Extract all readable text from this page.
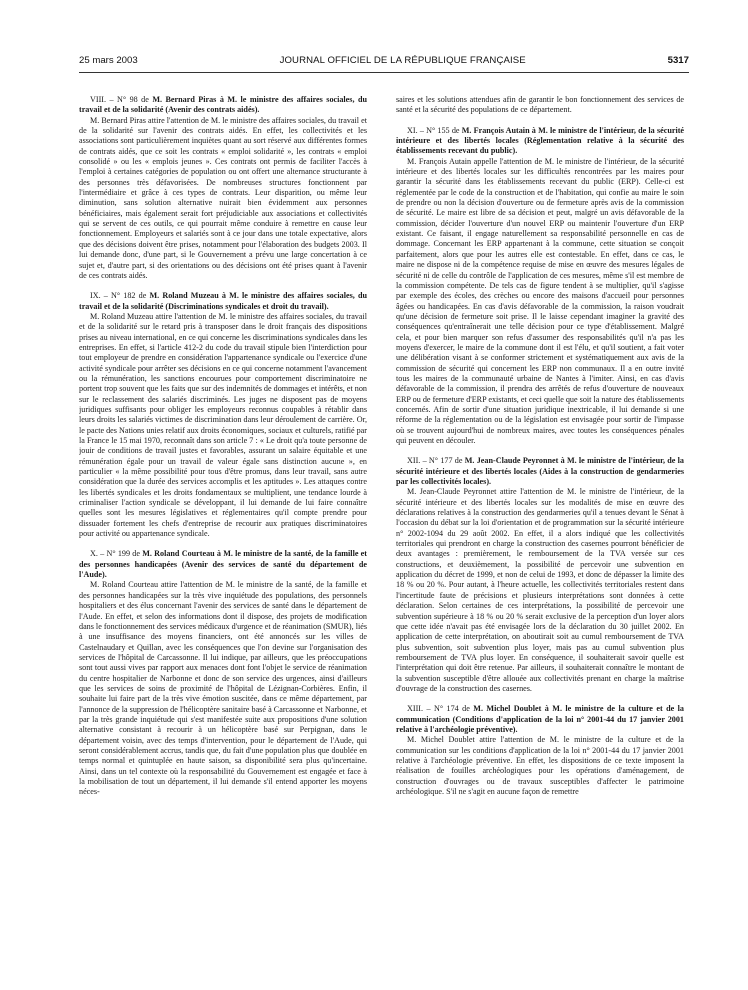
25 mars 2003	JOURNAL OFFICIEL DE LA RÉPUBLIQUE FRANÇAISE	5317

VIII. – N° 98 de M. Bernard Piras à M. le ministre des affaires sociales, du travail et de la solidarité (Avenir des contrats aidés).

M. Bernard Piras attire l'attention de M. le ministre des affaires sociales, du travail et de la solidarité sur l'avenir des contrats aidés. En effet, les collectivités et les associations sont particulièrement inquiètes quant au sort réservé aux différentes formes de contrats aidés, que ce soit les contrats « emploi solidarité », les contrats « emploi consolidé » ou les « emplois jeunes ». Ces contrats ont permis de faciliter l'accès à l'emploi à certaines catégories de population ou ont offert une alternance structurante à des personnes très défavorisées. De nombreuses structures fonctionnent par l'intermédiaire et grâce à ces types de contrats. Leur disparition, ou même leur diminution, sans solution alternative nuirait bien évidemment aux personnes bénéficiaires, mais également serait fort préjudiciable aux associations et collectivités qui se servent de ces outils, ce qui pourrait même conduire à remettre en cause leur fonctionnement. Employeurs et salariés sont à ce jour dans une totale expectative, alors que des décisions doivent être prises, notamment pour l'élaboration des budgets 2003. Il lui demande donc, d'une part, si le Gouvernement a prévu une large concertation à ce sujet et, d'autre part, si des orientations ou des décisions ont été prises quant à l'avenir de ces contrats aidés.

IX. – N° 182 de M. Roland Muzeau à M. le ministre des affaires sociales, du travail et de la solidarité (Discriminations syndicales et droit du travail).

M. Roland Muzeau attire l'attention de M. le ministre des affaires sociales, du travail et de la solidarité sur le retard pris à transposer dans le droit français des dispositions prises au niveau international, en ce qui concerne les discriminations syndicales dans les entreprises. En effet, si l'article 412-2 du code du travail stipule bien l'interdiction pour tout employeur de prendre en considération l'appartenance syndicale ou l'exercice d'une activité syndicale pour arrêter ses décisions en ce qui concerne notamment l'avancement ou la rémunération, les sanctions encourues pour comportement discriminatoire ne portent trop souvent que les faits que sur des indemnités de dommages et intérêts, et non sur le reclassement des salariés discriminés. Les juges ne disposent pas de moyens juridiques suffisants pour obliger les employeurs reconnus coupables à rétablir dans leurs droits les salariés victimes de discrimination dans leur déroulement de carrière. Or, le pacte des Nations unies relatif aux droits économiques, sociaux et culturels, ratifié par la France le 15 mai 1970, reconnaît dans son article 7 : « Le droit qu'a toute personne de jouir de conditions de travail justes et favorables, assurant un salaire équitable et une rémunération égale pour un travail de valeur égale sans distinction aucune », en particulier « la même possibilité pour tous d'être promus, dans leur travail, sans autre considération que la durée des services accomplis et les aptitudes ». Les attaques contre les libertés syndicales et les droits fondamentaux se multiplient, une tendance lourde à criminaliser l'action syndicale se développant, il lui demande de lui faire connaître quelles sont les mesures législatives et réglementaires qu'il compte prendre pour dissuader fortement les chefs d'entreprise de recourir aux pratiques discriminatoires pour activité ou appartenance syndicale.

X. – N° 199 de M. Roland Courteau à M. le ministre de la santé, de la famille et des personnes handicapées (Avenir des services de santé du département de l'Aude).

M. Roland Courteau attire l'attention de M. le ministre de la santé, de la famille et des personnes handicapées sur la très vive inquiétude des populations, des personnels hospitaliers et des élus concernant l'avenir des services de santé dans le département de l'Aude. En effet, et selon des informations dont il dispose, des projets de modification dans le fonctionnement des services médicaux d'urgence et de réanimation (SMUR), liés à une insuffisance des moyens financiers, ont été annoncés sur les villes de Castelnaudary et Quillan, avec les conséquences que l'on devine sur l'organisation des services de l'hôpital de Carcassonne. Il lui indique, par ailleurs, que les préoccupations sont tout aussi vives par rapport aux menaces dont font l'objet le service de réanimation du centre hospitalier de Narbonne et donc de son service des urgences, ainsi d'ailleurs que les services de soins de proximité de l'hôpital de Lézignan-Corbières. Enfin, il souhaite lui faire part de la très vive émotion suscitée, dans ce même département, par l'annonce de la suppression de l'hélicoptère sanitaire basé à Carcassonne et Narbonne, et par la très grande inquiétude qui s'est manifestée suite aux propositions d'une solution alternative consistant à recourir à un hélicoptère basé sur Perpignan, dans le département voisin, avec des temps d'intervention, pour le département de l'Aude, qui seront considérablement accrus, tandis que, du fait d'une population plus que doublée en temps normal et quintuplée en haute saison, sa disponibilité sera plus qu'incertaine. Ainsi, dans un tel contexte où la responsabilité du Gouvernement est engagée et face à la mobilisation de tout un département, il lui demande s'il entend apporter les moyens néces-

saires et les solutions attendues afin de garantir le bon fonctionnement des services de santé et la sécurité des populations de ce département.

XI. – N° 155 de M. François Autain à M. le ministre de l'intérieur, de la sécurité intérieure et des libertés locales (Réglementation relative à la sécurité des établissements recevant du public).

M. François Autain appelle l'attention de M. le ministre de l'intérieur, de la sécurité intérieure et des libertés locales sur les difficultés rencontrées par les maires pour garantir la sécurité dans les établissements recevant du public (ERP). Celle-ci est réglementée par le code de la construction et de l'habitation, qui confie au maire le soin de prendre ou non la décision d'ouverture ou de fermeture après avis de la commission de sécurité. Le maire est libre de sa décision et peut, malgré un avis défavorable de la commission, décider l'ouverture d'un nouvel ERP ou maintenir l'ouverture d'un ERP existant. Ce faisant, il engage naturellement sa responsabilité personnelle en cas de dommage. Concernant les ERP appartenant à la commune, cette situation se conçoit parfaitement, alors que pour les autres elle est contestable. En effet, dans ce cas, le maire ne dispose ni de la compétence requise de mise en œuvre des mesures légales de sécurité ni de celle du contrôle de l'application de ces mesures, même s'il est membre de la commission compétente. De tels cas de figure tendent à se multiplier, qu'il s'agisse par exemple des écoles, des crèches ou encore des maisons d'accueil pour personnes âgées ou handicapées. En cas d'avis défavorable de la commission, la raison voudrait qu'une décision de fermeture soit prise. Il le laisse cependant imaginer la gravité des conséquences qu'entraînerait une telle décision pour ce type d'établissement. Malgré cela, et pour bien marquer son refus d'assumer des responsabilités qu'il n'a pas les moyens d'exercer, le maire de la commune dont il est l'élu, et qu'il soutient, a fait voter une délibération visant à se conformer strictement et systématiquement aux avis de la commission de sécurité qui concernent les ERP non communaux. Il a en outre invité tous les maires de la communauté urbaine de Nantes à l'imiter. Ainsi, en cas d'avis défavorable de la commission, il prendra des arrêtés de refus d'ouverture de nouveaux ERP ou de fermeture d'ERP existants, et ceci quelle que soit la nature des établissements concernés. Afin de sortir d'une situation juridique inextricable, il lui demande si une réforme de la réglementation ou de la législation est envisagée pour sortir de l'impasse où se trouvent aujourd'hui de nombreux maires, avec toutes les conséquences pénales qui peuvent en découler.

XII. – N° 177 de M. Jean-Claude Peyronnet à M. le ministre de l'intérieur, de la sécurité intérieure et des libertés locales (Aides à la construction de gendarmeries par les collectivités locales).

M. Jean-Claude Peyronnet attire l'attention de M. le ministre de l'intérieur, de la sécurité intérieure et des libertés locales sur les modalités de mise en œuvre des déclarations relatives à la construction des gendarmeries qu'il a tenues devant le Sénat à l'occasion du débat sur la loi d'orientation et de programmation sur la sécurité intérieure n° 2002-1094 du 29 août 2002. En effet, il a alors indiqué que les collectivités territoriales qui prendront en charge la construction des casernes pourront bénéficier de deux avantages : premièrement, le remboursement de la TVA versée sur ces constructions, et deuxièmement, la possibilité de percevoir une subvention en application du décret de 1999, et non de celui de 1993, et donc de dépasser la limite des 18 % ou 20 %. Pour autant, à l'heure actuelle, les collectivités territoriales restent dans l'incertitude faute de précisions et plusieurs interprétations sont données à cette déclaration. Selon certaines de ces interprétations, la possibilité de percevoir une subvention supérieure à 18 % ou 20 % serait exclusive de la perception d'un loyer alors que cette idée n'avait pas été envisagée lors de la déclaration du 30 juillet 2002. En application de cette interprétation, on aboutirait soit au cumul remboursement de TVA plus subvention, soit subvention plus loyer, mais pas au cumul subvention plus remboursement de TVA plus loyer. En conséquence, il souhaiterait savoir quelle est l'interprétation qui doit être retenue. Par ailleurs, il souhaiterait connaître le montant de la subvention susceptible d'être allouée aux collectivités prenant en charge la maîtrise d'ouvrage de la construction des casernes.

XIII. – N° 174 de M. Michel Doublet à M. le ministre de la culture et de la communication (Conditions d'application de la loi n° 2001-44 du 17 janvier 2001 relative à l'archéologie préventive).

M. Michel Doublet attire l'attention de M. le ministre de la culture et de la communication sur les conditions d'application de la loi n° 2001-44 du 17 janvier 2001 relative à l'archéologie préventive. En effet, les dispositions de ce texte imposent la réalisation de fouilles archéologiques pour les opérations d'aménagement, de construction d'ouvrages ou de travaux susceptibles d'affecter le patrimoine archéologique. S'il ne s'agit en aucune façon de remettre
